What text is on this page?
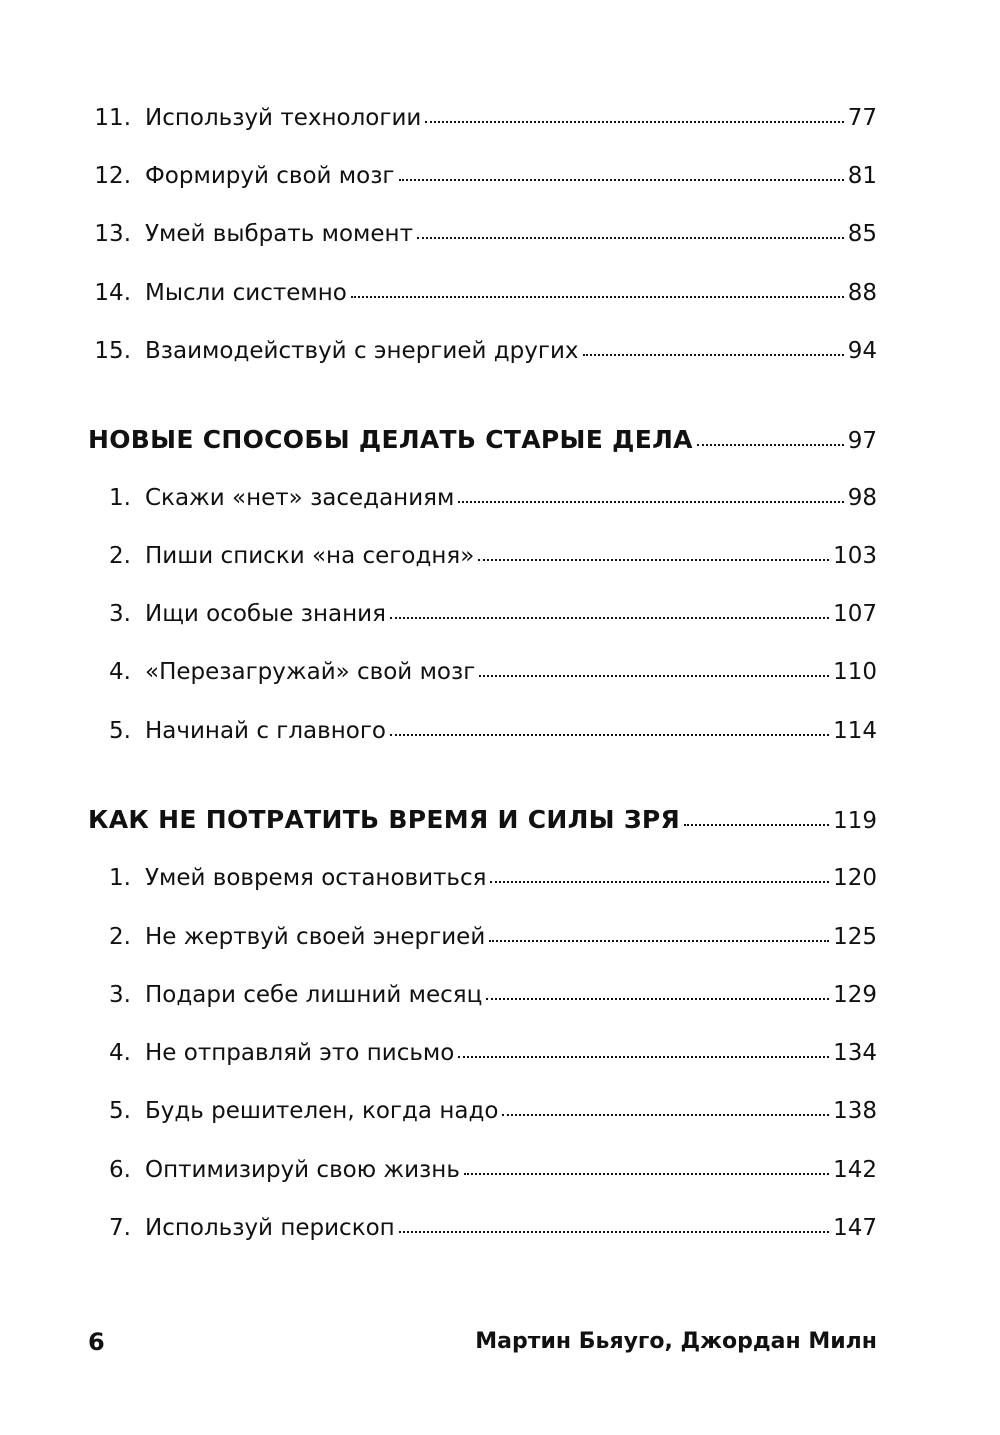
11. Используй технологии	77
12. Формируй свой мозг	81
13. Умей выбрать момент	85
14. Мысли системно	88
15. Взаимодействуй с энергией других	94
НОВЫЕ СПОСОБЫ ДЕЛАТЬ СТАРЫЕ ДЕЛА	97
1. Скажи «нет» заседаниям	98
2. Пиши списки «на сегодня»	103
3. Ищи особые знания	107
4. «Перезагружай» свой мозг	110
5. Начинай с главного	114
КАК НЕ ПОТРАТИТЬ ВРЕМЯ И СИЛЫ ЗРЯ	119
1. Умей вовремя остановиться	120
2. Не жертвуй своей энергией	125
3. Подари себе лишний месяц	129
4. Не отправляй это письмо	134
5. Будь решителен, когда надо	138
6. Оптимизируй свою жизнь	142
7. Используй перископ	147
6	Мартин Бьяуго, Джордан Милн
